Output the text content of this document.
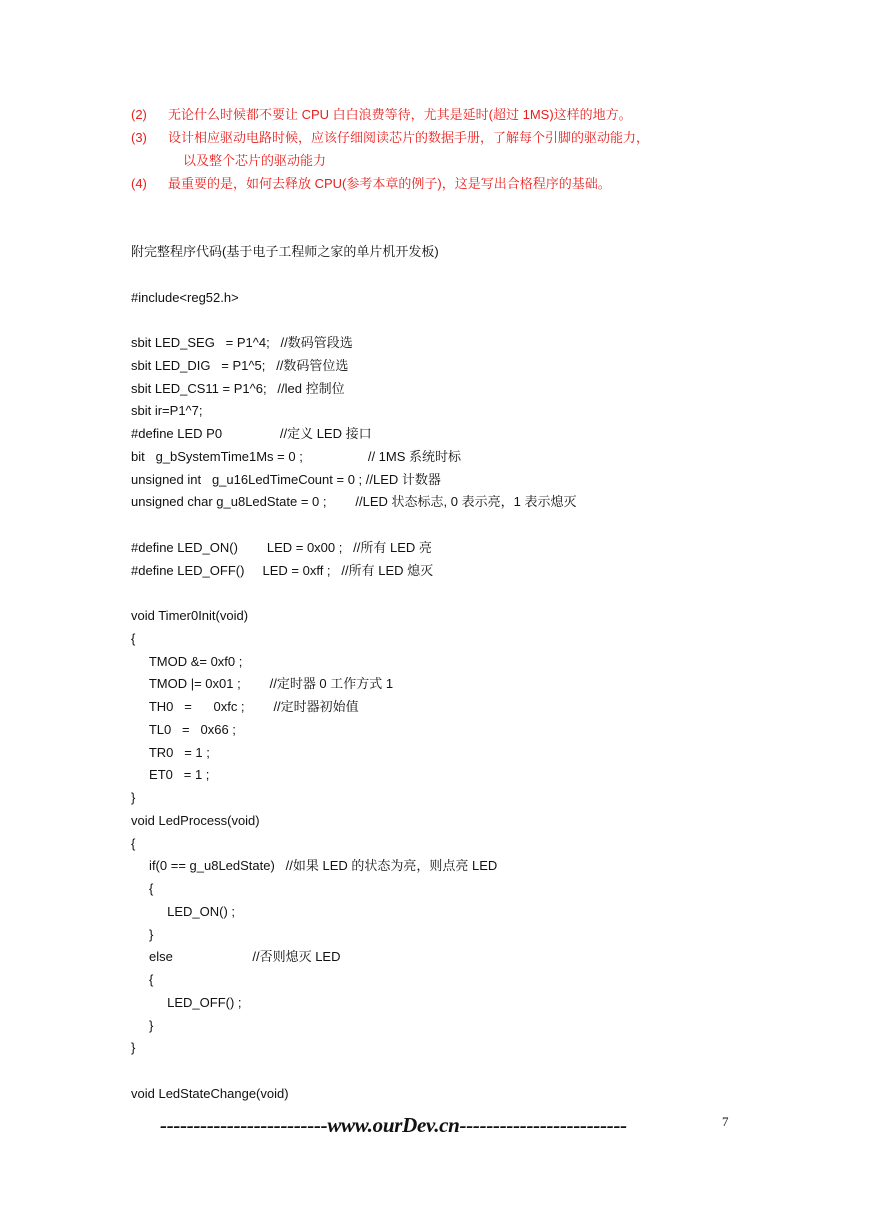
(2) 无论什么时候都不要让 CPU 白白浪费等待，尤其是延时(超过 1MS)这样的地方。
(3) 设计相应驱动电路时候，应该仔细阅读芯片的数据手册，了解每个引脚的驱动能力，
以及整个芯片的驱动能力
(4) 最重要的是，如何去释放 CPU(参考本章的例子)，这是写出合格程序的基础。
附完整程序代码(基于电子工程师之家的单片机开发板)
#include<reg52.h>
sbit LED_SEG   = P1^4;   //数码管段选
sbit LED_DIG   = P1^5;   //数码管位选
sbit LED_CS11 = P1^6;   //led 控制位
sbit ir=P1^7;
#define LED P0                //定义 LED 接口
bit   g_bSystemTime1Ms = 0 ;                  // 1MS 系统时标
unsigned int   g_u16LedTimeCount = 0 ; //LED 计数器
unsigned char g_u8LedState = 0 ;        //LED 状态标志, 0 表示亮，1 表示熄灭
#define LED_ON()        LED = 0x00 ;   //所有 LED 亮
#define LED_OFF()     LED = 0xff ;   //所有 LED 熄灭
void Timer0Init(void)
{
TMOD &= 0xf0 ;
TMOD |= 0x01 ;        //定时器 0 工作方式 1
TH0   =      0xfc ;        //定时器初始值
TL0   =   0x66 ;
TR0   = 1 ;
ET0   = 1 ;
}
void LedProcess(void)
{
if(0 == g_u8LedState)   //如果 LED 的状态为亮，则点亮 LED
{
LED_ON() ;
}
else                      //否则熄灭 LED
{
LED_OFF() ;
}
}
void LedStateChange(void)
-------------------------www.ourDev.cn-------------------------	7
